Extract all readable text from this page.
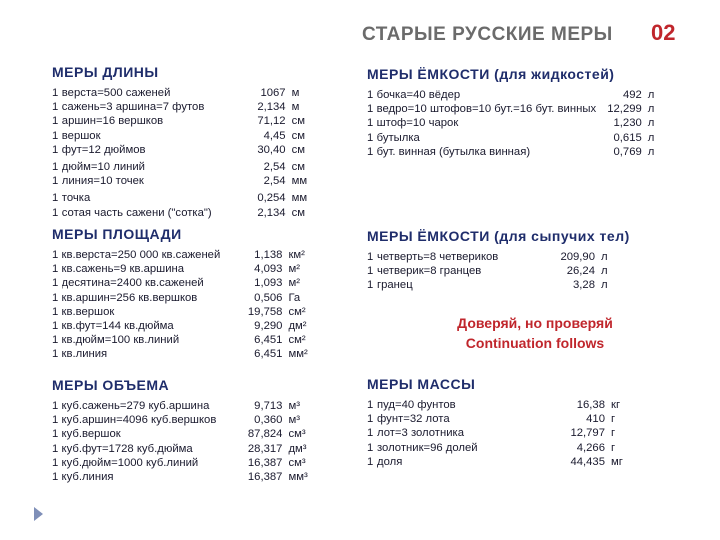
СТАРЫЕ РУССКИЕ МЕРЫ 02
МЕРЫ ДЛИНЫ
1 верста=500 саженей	1067 м
1 сажень=3 аршина=7 футов	2,134 м
1 аршин=16 вершков	71,12 см
1 вершок	4,45 см
1 фут=12 дюймов	30,40 см
1 дюйм=10 линий	2,54 см
1 линия=10 точек	2,54 мм
1 точка	0,254 мм
1 сотая часть сажени ("сотка")	2,134 см
МЕРЫ ПЛОЩАДИ
1 кв.верста=250 000 кв.саженей	1,138 км²
1 кв.сажень=9 кв.аршина	4,093 м²
1 десятина=2400 кв.саженей	1,093 м²
1 кв.аршин=256 кв.вершков	0,506 Га
1 кв.вершок	19,758 см²
1 кв.фут=144 кв.дюйма	9,290 дм²
1 кв.дюйм=100 кв.линий	6,451 см²
1 кв.линия	6,451 мм²
МЕРЫ ОБЪЕМА
1 куб.сажень=279 куб.аршина	9,713 м³
1 куб.аршин=4096 куб.вершков	0,360 м³
1 куб.вершок	87,824 см³
1 куб.фут=1728 куб.дюйма	28,317 дм³
1 куб.дюйм=1000 куб.линий	16,387 см³
1 куб.линия	16,387 мм³
МЕРЫ ЁМКОСТИ (для жидкостей)
1 бочка=40 вёдер	492 л
1 ведро=10 штофов=10 бут.=16 бут. винных 12,299 л
1 штоф=10 чарок	1,230 л
1 бутылка	0,615 л
1 бут. винная (бутылка винная)	0,769 л
МЕРЫ ЁМКОСТИ (для сыпучих тел)
1 четверть=8 четвериков	209,90 л
1 четверик=8 гранцев	26,24 л
1 гранец	3,28 л
МЕРЫ МАССЫ
1 пуд=40 фунтов	16,38 кг
1 фунт=32 лота	410 г
1 лот=3 золотника	12,797 г
1 золотник=96 долей	4,266 г
1 доля	44,435 мг
Доверяй, но проверяй
Continuation follows
